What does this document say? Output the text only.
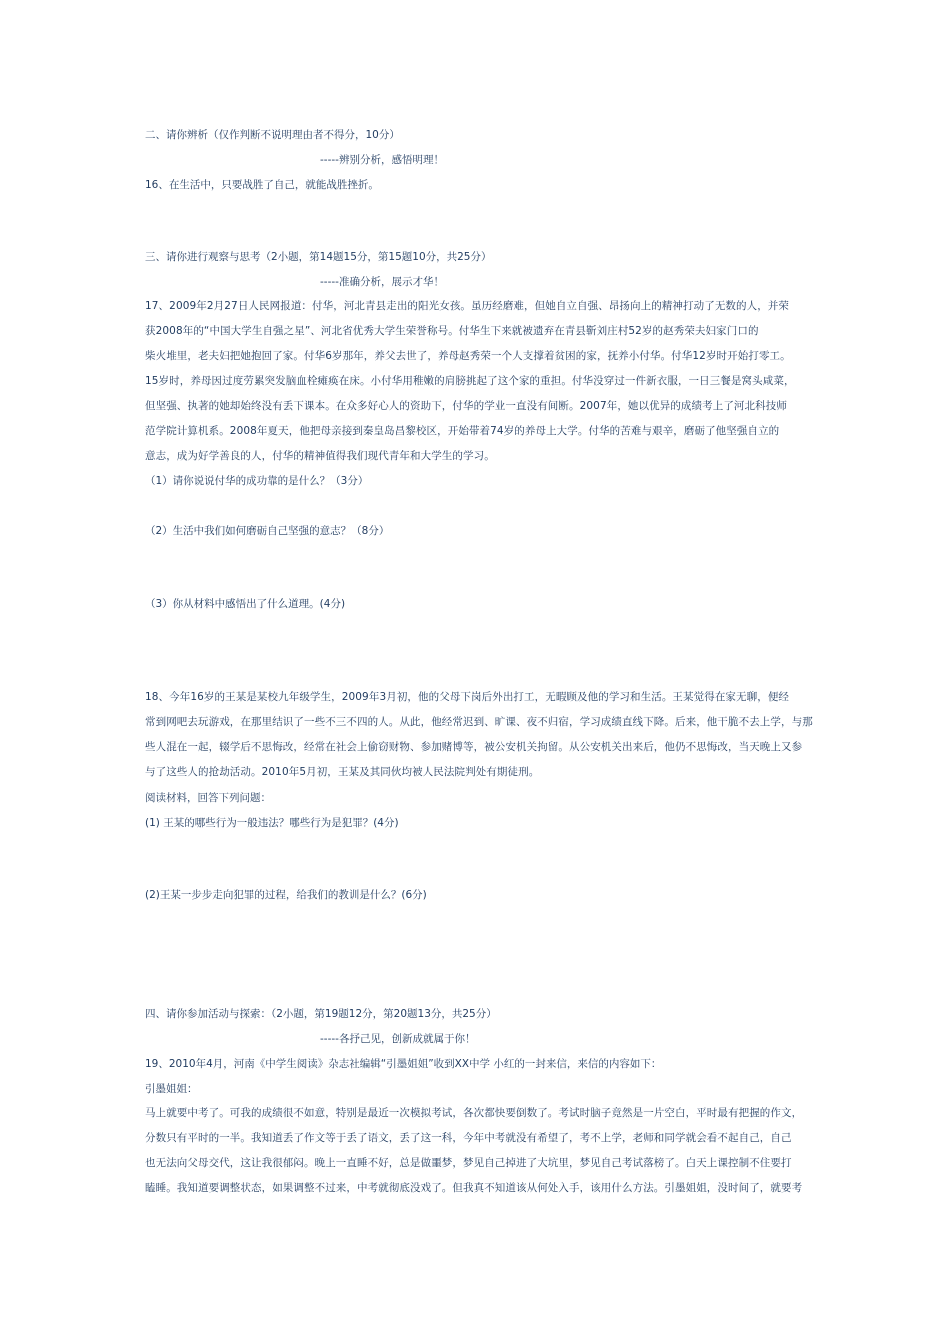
二、请你辨析（仅作判断不说明理由者不得分，10分）
-----辨别分析，感悟明理！
16、在生活中，只要战胜了自己，就能战胜挫折。
三、请你进行观察与思考（2小题，第14题15分，第15题10分，共25分）
-----准确分析，展示才华！

17、2009年2月27日人民网报道：付华，河北青县走出的阳光女孩。虽历经磨难，但她自立自强、昂扬向上的精神打动了无数的人，并荣

获2008年的“中国大学生自强之星”、河北省优秀大学生荣誉称号。付华生下来就被遗弃在青县靳刘庄村52岁的赵秀荣夫妇家门口的

柴火堆里，老夫妇把她抱回了家。付华6岁那年，养父去世了，养母赵秀荣一个人支撑着贫困的家，抚养小付华。付华12岁时开始打零工。

15岁时，养母因过度劳累突发脑血栓瘫痪在床。小付华用稚嫩的肩膀挑起了这个家的重担。付华没穿过一件新衣服，一日三餐是窝头咸菜，

但坚强、执著的她却始终没有丢下课本。在众多好心人的资助下，付华的学业一直没有间断。2007年，她以优异的成绩考上了河北科技师

范学院计算机系。2008年夏天，他把母亲接到秦皇岛昌黎校区，开始带着74岁的养母上大学。付华的苦难与艰辛，磨砺了他坚强自立的

意志，成为好学善良的人，付华的精神值得我们现代青年和大学生的学习。

（1）请你说说付华的成功靠的是什么？（3分）
（2）生活中我们如何磨砺自己坚强的意志？（8分）
（3）你从材料中感悟出了什么道理。(4分)

18、今年16岁的王某是某校九年级学生，2009年3月初，他的父母下岗后外出打工，无暇顾及他的学习和生活。王某觉得在家无聊，便经

常到网吧去玩游戏，在那里结识了一些不三不四的人。从此，他经常迟到、旷课、夜不归宿，学习成绩直线下降。后来，他干脆不去上学，与那

些人混在一起，辍学后不思悔改，经常在社会上偷窃财物、参加赌博等，被公安机关拘留。从公安机关出来后，他仍不思悔改，当天晚上又参

与了这些人的抢劫活动。2010年5月初，王某及其同伙均被人民法院判处有期徒刑。

阅读材料，回答下列问题：
(1) 王某的哪些行为一般违法？哪些行为是犯罪？(4分)
(2)王某一步步走向犯罪的过程，给我们的教训是什么？(6分)
四、请你参加活动与探索：（2小题，第19题12分，第20题13分，共25分）
-----各抒己见，创新成就属于你！
19、2010年4月，河南《中学生阅读》杂志社编辑“引墨姐姐”收到XX中学 小红的一封来信，来信的内容如下：
引墨姐姐：

马上就要中考了。可我的成绩很不如意，特别是最近一次模拟考试，各次都快要倒数了。考试时脑子竟然是一片空白，平时最有把握的作文，

分数只有平时的一半。我知道丢了作文等于丢了语文，丢了这一科，今年中考就没有希望了，考不上学，老师和同学就会看不起自己，自己

也无法向父母交代，这让我很郁闷。晚上一直睡不好，总是做噩梦，梦见自己掉进了大坑里，梦见自己考试落榜了。白天上课控制不住要打

瞌睡。我知道要调整状态，如果调整不过来，中考就彻底没戏了。但我真不知道该从何处入手，该用什么方法。引墨姐姐，没时间了，就要考
